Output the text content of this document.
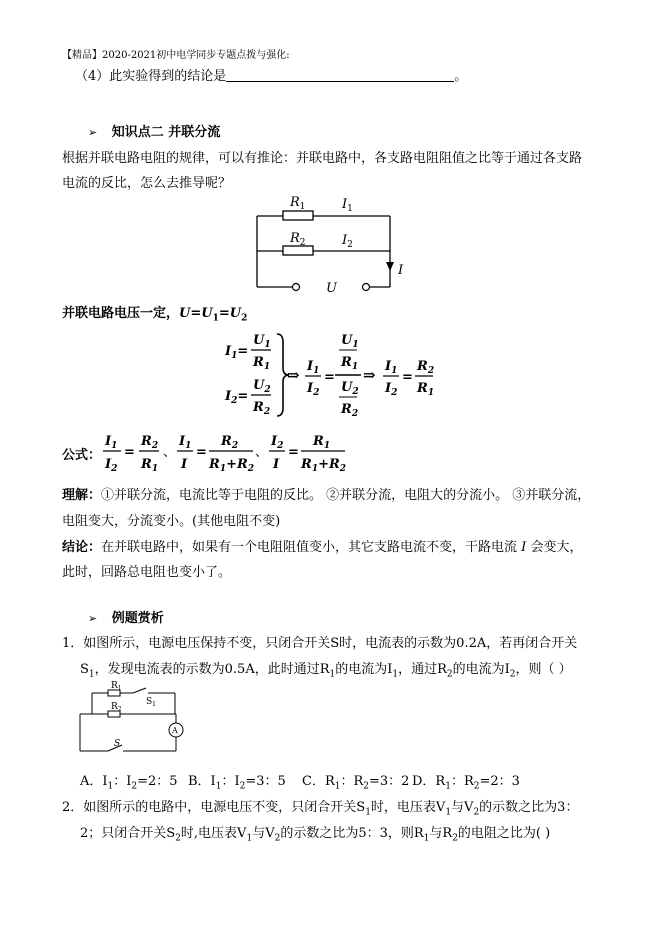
【精品】2020-2021初中电学同步专题点拨与强化:
（4）此实验得到的结论是	。
➢ 知识点二 并联分流
根据并联电路电阻的规律，可以有推论：并联电路中，各支路电阻阻值之比等于通过各支路
电流的反比，怎么去推导呢？
$R_1$	$I_1$
$R_2$	$I_2$
I
U
并联电路电压一定，$U=U_1=U_2$
$I_1=$
$U_1$
$R_1$
$I_2=$
$U_2$
$R_2$
⇒ $I_1$
$I_2$
=
$U_1$
$R_1$
$U_2$
$R_2$
⇒ $I_1$
$I_2$
=
$R_2$
$R_1$
公式：
$I_1$
$I_2$
=
$R_2$
$R_1$
、
$I_1$
I
=
$R_2$
$R_1+R_2$
、
$I_2$
I
=
$R_1$
$R_1+R_2$
理解：①并联分流，电流比等于电阻的反比。 ②并联分流，电阻大的分流小。 ③并联分流，
电阻变大，分流变小。(其他电阻不变)
结论：在并联电路中，如果有一个电阻阻值变小，其它支路电流不变，干路电流 I 会变大，
此时，回路总电阻也变小了。
➢ 例题赏析
1．如图所示，电源电压保持不变，只闭合开关S时，电流表的示数为0.2A，若再闭合开关
$S_1$，发现电流表的示数为0.5A，此时通过$R_1$的电流为$I_1$，通过$R_2$的电流为$I_2$，则（ ）
$R_1$
$R_2$
$S_1$
A
S
A．$I_1$：$I_2=2$：5 B．$I_1$：$I_2=3$：5 C．$R_1$：$R_2=3$：2 D．$R_1$：$R_2=2$：3
2．如图所示的电路中，电源电压不变，只闭合开关$S_1$时，电压表$V_1$与$V_2$的示数之比为3：
2；只闭合开关$S_2$时,电压表$V_1$与$V_2$的示数之比为5：3，则$R_1$与$R_2$的电阻之比为( )
